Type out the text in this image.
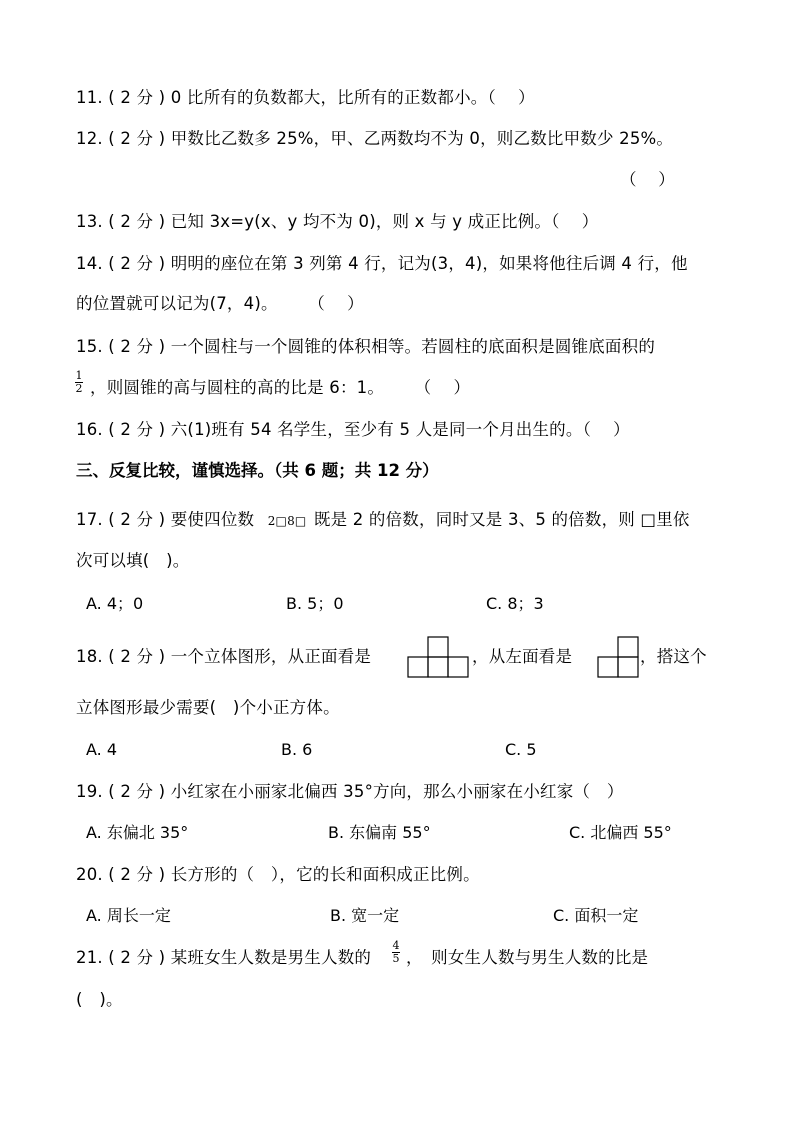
11. ( 2 分 ) 0 比所有的负数都大，比所有的正数都小。（　 ）
12. ( 2 分 ) 甲数比乙数多 25%，甲、乙两数均不为 0，则乙数比甲数少 25%。
（　 ）
13. ( 2 分 ) 已知 3x=y(x、y 均不为 0)，则 x 与 y 成正比例。（　 ）
14. ( 2 分 ) 明明的座位在第 3 列第 4 行，记为(3，4)，如果将他往后调 4 行，他
的位置就可以记为(7，4)。　　 （　 ）
15. ( 2 分 ) 一个圆柱与一个圆锥的体积相等。若圆柱的底面积是圆锥底面积的
1
2 ，则圆锥的高与圆柱的高的比是 6：1。　　 （　 ）
16. ( 2 分 ) 六(1)班有 54 名学生，至少有 5 人是同一个月出生的。（　 ）
三、反复比较，谨慎选择。（共 6 题；共 12 分）
17. ( 2 分 ) 要使四位数 2□8□ 既是 2 的倍数，同时又是 3、5 的倍数，则 □里依
次可以填(　)。
A. 4；0	B. 5；0	C. 8；3
18. ( 2 分 ) 一个立体图形，从正面看是	，从左面看是	，搭这个
立体图形最少需要(　)个小正方体。
A. 4	B. 6	C. 5
19. ( 2 分 ) 小红家在小丽家北偏西 35°方向，那么小丽家在小红家（　）
A. 东偏北 35°	B. 东偏南 55°	C. 北偏西 55°
20. ( 2 分 ) 长方形的（　），它的长和面积成正比例。
A. 周长一定	B. 宽一定	C. 面积一定
21. ( 2 分 ) 某班女生人数是男生人数的
4
5 ，　则女生人数与男生人数的比是
(　)。
